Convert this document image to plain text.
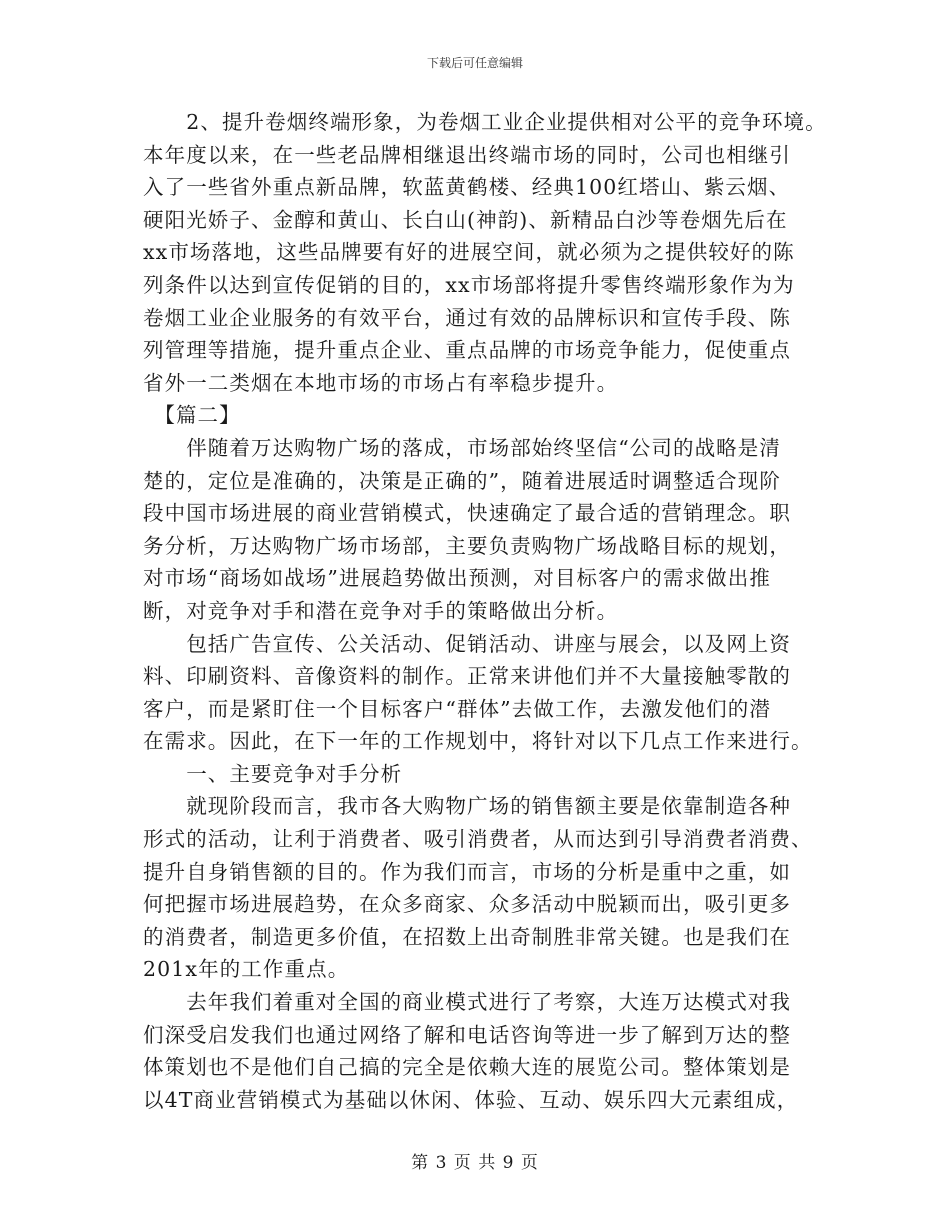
下载后可任意编辑
　　2、提升卷烟终端形象，为卷烟工业企业提供相对公平的竞争环境。
本年度以来，在一些老品牌相继退出终端市场的同时，公司也相继引
入了一些省外重点新品牌，软蓝黄鹤楼、经典100红塔山、紫云烟、
硬阳光娇子、金醇和黄山、长白山(神韵)、新精品白沙等卷烟先后在
xx市场落地，这些品牌要有好的进展空间，就必须为之提供较好的陈
列条件以达到宣传促销的目的，xx市场部将提升零售终端形象作为为
卷烟工业企业服务的有效平台，通过有效的品牌标识和宣传手段、陈
列管理等措施，提升重点企业、重点品牌的市场竞争能力，促使重点
省外一二类烟在本地市场的市场占有率稳步提升。
　【篇二】
　　伴随着万达购物广场的落成，市场部始终坚信“公司的战略是清
楚的，定位是准确的，决策是正确的”，随着进展适时调整适合现阶
段中国市场进展的商业营销模式，快速确定了最合适的营销理念。职
务分析，万达购物广场市场部，主要负责购物广场战略目标的规划，
对市场“商场如战场”进展趋势做出预测，对目标客户的需求做出推
断，对竞争对手和潜在竞争对手的策略做出分析。
　　包括广告宣传、公关活动、促销活动、讲座与展会，以及网上资
料、印刷资料、音像资料的制作。正常来讲他们并不大量接触零散的
客户，而是紧盯住一个目标客户“群体”去做工作，去激发他们的潜
在需求。因此，在下一年的工作规划中，将针对以下几点工作来进行。
　　一、主要竞争对手分析
　　就现阶段而言，我市各大购物广场的销售额主要是依靠制造各种
形式的活动，让利于消费者、吸引消费者，从而达到引导消费者消费、
提升自身销售额的目的。作为我们而言，市场的分析是重中之重，如
何把握市场进展趋势，在众多商家、众多活动中脱颖而出，吸引更多
的消费者，制造更多价值，在招数上出奇制胜非常关键。也是我们在
201x年的工作重点。
　　去年我们着重对全国的商业模式进行了考察，大连万达模式对我
们深受启发我们也通过网络了解和电话咨询等进一步了解到万达的整
体策划也不是他们自己搞的完全是依赖大连的展览公司。整体策划是
以4T商业营销模式为基础以休闲、体验、互动、娱乐四大元素组成，
第 3 页 共 9 页
